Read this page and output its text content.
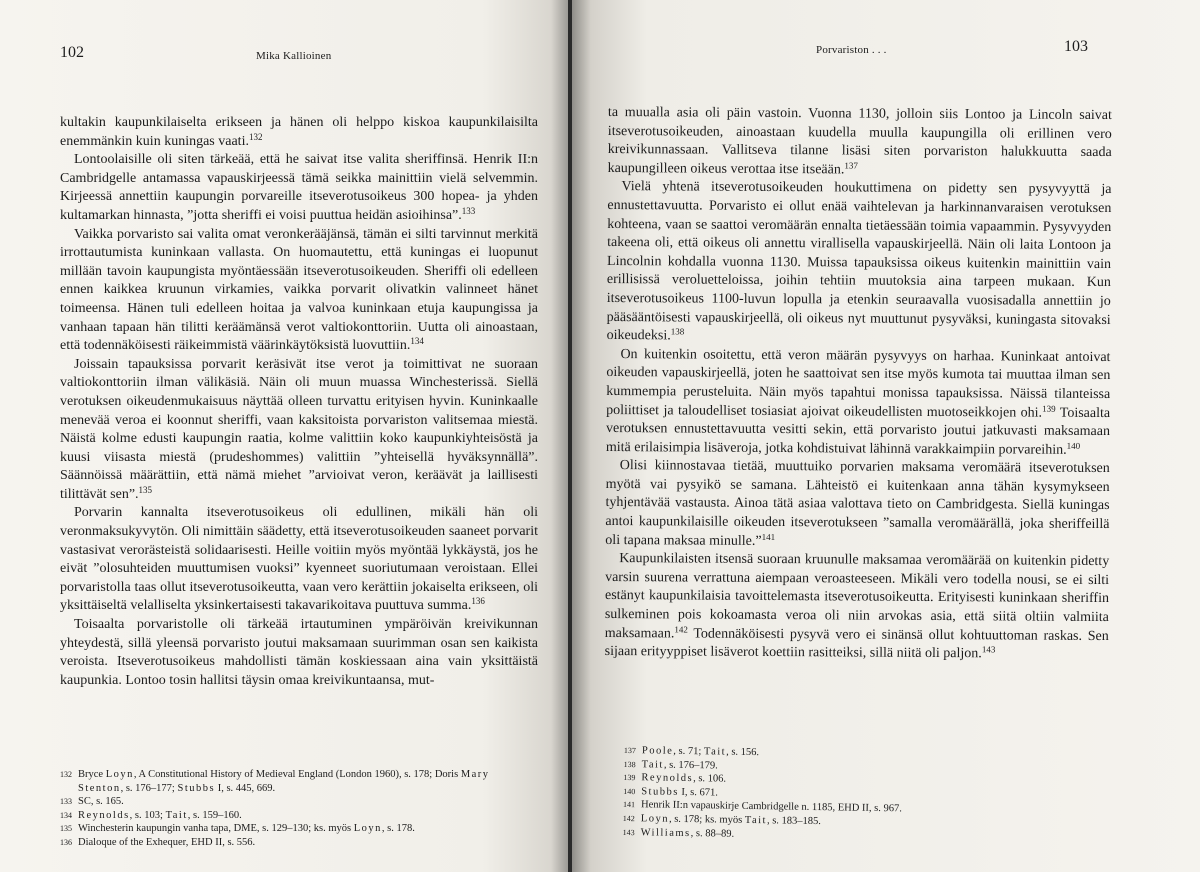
102	Mika Kallioinen

kultakin kaupunkilaiselta erikseen ja hänen oli helppo kiskoa kaupunkilaisilta enemmänkin kuin kuningas vaati.$^{132}$

Lontoolaisille oli siten tärkeää, että he saivat itse valita sheriffinsä. Henrik II:n Cambridgelle antamassa vapauskirjeessä tämä seikka mainittiin vielä selvemmin. Kirjeessä annettiin kaupungin porvareille itseverotusoikeus 300 hopea- ja yhden kultamarkan hinnasta, ”jotta sheriffi ei voisi puuttua heidän asioihinsa”.$^{133}$

Vaikka porvaristo sai valita omat veronkerääjänsä, tämän ei silti tarvinnut merkitä irrottautumista kuninkaan vallasta. On huomautettu, että kuningas ei luopunut millään tavoin kaupungista myöntäessään itseverotusoikeuden. Sheriffi oli edelleen ennen kaikkea kruunun virkamies, vaikka porvarit olivatkin valinneet hänet toimeensa. Hänen tuli edelleen hoitaa ja valvoa kuninkaan etuja kaupungissa ja vanhaan tapaan hän tilitti keräämänsä verot valtiokonttoriin. Uutta oli ainoastaan, että todennäköisesti räikeimmistä väärinkäytöksistä luovuttiin.$^{134}$

Joissain tapauksissa porvarit keräsivät itse verot ja toimittivat ne suoraan valtiokonttoriin ilman välikäsiä. Näin oli muun muassa Winchesterissä. Siellä verotuksen oikeudenmukaisuus näyttää olleen turvattu erityisen hyvin. Kuninkaalle menevää veroa ei koonnut sheriffi, vaan kaksitoista porvariston valitsemaa miestä. Näistä kolme edusti kaupungin raatia, kolme valittiin koko kaupunkiyhteisöstä ja kuusi viisasta miestä (prudeshommes) valittiin ”yhteisellä hyväksynnällä”. Säännöissä määrättiin, että nämä miehet ”arvioivat veron, keräävät ja laillisesti tilittävät sen”.$^{135}$

Porvarin kannalta itseverotusoikeus oli edullinen, mikäli hän oli veronmaksukyvytön. Oli nimittäin säädetty, että itseverotusoikeuden saaneet porvarit vastasivat verorästeistä solidaarisesti. Heille voitiin myös myöntää lykkäystä, jos he eivät ”olosuhteiden muuttumisen vuoksi” kyenneet suoriutumaan veroistaan. Ellei porvaristolla taas ollut itseverotusoikeutta, vaan vero kerättiin jokaiselta erikseen, oli yksittäiseltä velalliselta yksinkertaisesti takavarikoitava puuttuva summa.$^{136}$

Toisaalta porvaristolle oli tärkeää irtautuminen ympäröivän kreivikunnan yhteydestä, sillä yleensä porvaristo joutui maksamaan suurimman osan sen kaikista veroista. Itseverotusoikeus mahdollisti tämän koskiessaan aina vain yksittäistä kaupunkia. Lontoo tosin hallitsi täysin omaa kreivikuntaansa, mut-

132 Bryce Loyn, A Constitutional History of Medieval England (London 1960), s. 178; Doris Mary Stenton, s. 176–177; Stubbs I, s. 445, 669.
133 SC, s. 165.
134 Reynolds, s. 103; Tait, s. 159–160.
135 Winchesterin kaupungin vanha tapa, DME, s. 129–130; ks. myös Loyn, s. 178.
136 Dialoque of the Exhequer, EHD II, s. 556.
Porvariston . . .	103

ta muualla asia oli päin vastoin. Vuonna 1130, jolloin siis Lontoo ja Lincoln saivat itseverotusoikeuden, ainoastaan kuudella muulla kaupungilla oli erillinen vero kreivikunnassaan. Vallitseva tilanne lisäsi siten porvariston halukkuutta saada kaupungilleen oikeus verottaa itse itseään.$^{137}$

Vielä yhtenä itseverotusoikeuden houkuttimena on pidetty sen pysyvyyttä ja ennustettavuutta. Porvaristo ei ollut enää vaihtelevan ja harkinnanvaraisen verotuksen kohteena, vaan se saattoi veromäärän ennalta tietäessään toimia vapaammin. Pysyvyyden takeena oli, että oikeus oli annettu virallisella vapauskirjeellä. Näin oli laita Lontoon ja Lincolnin kohdalla vuonna 1130. Muissa tapauksissa oikeus kuitenkin mainittiin vain erillisissä veroluetteloissa, joihin tehtiin muutoksia aina tarpeen mukaan. Kun itseverotusoikeus 1100-luvun lopulla ja etenkin seuraavalla vuosisadalla annettiin jo pääsääntöisesti vapauskirjeellä, oli oikeus nyt muuttunut pysyväksi, kuningasta sitovaksi oikeudeksi.$^{138}$

On kuitenkin osoitettu, että veron määrän pysyvyys on harhaa. Kuninkaat antoivat oikeuden vapauskirjeellä, joten he saattoivat sen itse myös kumota tai muuttaa ilman sen kummempia perusteluita. Näin myös tapahtui monissa tapauksissa. Näissä tilanteissa poliittiset ja taloudelliset tosiasiat ajoivat oikeudellisten muotoseikkojen ohi.$^{139}$ Toisaalta verotuksen ennustettavuutta vesitti sekin, että porvaristo joutui jatkuvasti maksamaan mitä erilaisimpia lisäveroja, jotka kohdistuivat lähinnä varakkaimpiin porvareihin.$^{140}$

Olisi kiinnostavaa tietää, muuttuiko porvarien maksama veromäärä itseverotuksen myötä vai pysyikö se samana. Lähteistö ei kuitenkaan anna tähän kysymykseen tyhjentävää vastausta. Ainoa tätä asiaa valottava tieto on Cambridgesta. Siellä kuningas antoi kaupunkilaisille oikeuden itseverotukseen ”samalla veromäärällä, joka sheriffeillä oli tapana maksaa minulle.”$^{141}$

Kaupunkilaisten itsensä suoraan kruunulle maksamaa veromäärää on kuitenkin pidetty varsin suurena verrattuna aiempaan veroasteeseen. Mikäli vero todella nousi, se ei silti estänyt kaupunkilaisia tavoittelemasta itseverotusoikeutta. Erityisesti kuninkaan sheriffin sulkeminen pois kokoamasta veroa oli niin arvokas asia, että siitä oltiin valmiita maksamaan.$^{142}$ Todennäköisesti pysyvä vero ei sinänsä ollut kohtuuttoman raskas. Sen sijaan erityyppiset lisäverot koettiin rasitteiksi, sillä niitä oli paljon.$^{143}$

137 Poole, s. 71; Tait, s. 156.
138 Tait, s. 176–179.
139 Reynolds, s. 106.
140 Stubbs I, s. 671.
141 Henrik II:n vapauskirje Cambridgelle n. 1185, EHD II, s. 967.
142 Loyn, s. 178; ks. myös Tait, s. 183–185.
143 Williams, s. 88–89.
